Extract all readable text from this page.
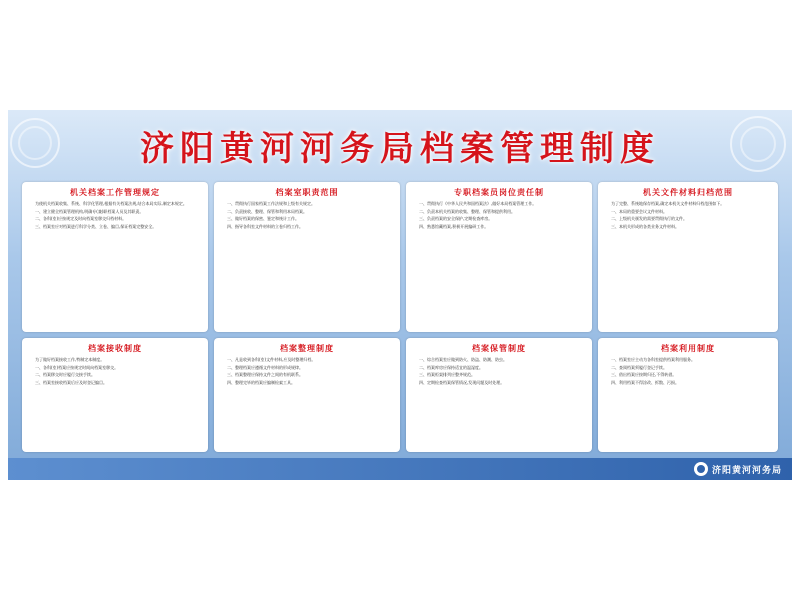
济阳黄河河务局档案管理制度
机关档案工作管理规定

为使机关档案收集、系统、科学化管理,根据有关档案法规,结合本局实际,制定本规定。

一、建立健全档案管理机构,明确专(兼)职档案人员及其职责。

二、各科(室)应按规定及时向档案室移交归档材料。

三、档案室应对档案进行科学分类、立卷、编目,保证档案完整安全。

档案室职责范围

一、贯彻执行国家档案工作法规和上级有关规定。

二、负责接收、整理、保管和利用本局档案。

三、做好档案的保密、鉴定和统计工作。

四、指导各科室文件材料的立卷归档工作。

专职档案员岗位责任制

一、贯彻执行《中华人民共和国档案法》,做好本局档案管理工作。

二、负责本机关档案的收集、整理、保管和提供利用。

三、负责档案的安全保护,定期检查库房。

四、熟悉馆藏档案,积极开展编研工作。

机关文件材料归档范围

为了完整、系统地保存档案,确定本机关文件材料归档范围如下。

一、本局的重要会议文件材料。

二、上级机关颁发的需要贯彻执行的文件。

三、本机关形成的各类业务文件材料。

档案接收制度

为了做好档案接收工作,特制定本制度。

一、各科(室)档案应按规定时间向档案室移交。

二、档案移交时应履行交接手续。

三、档案室接收档案后应及时登记编目。

档案整理制度

一、凡是收到各科(室)文件材料,应及时整理归档。

二、整理档案应遵循文件材料的形成规律。

三、档案整理应保持文件之间的有机联系。

四、整理完毕的档案应编制检索工具。

档案保管制度

一、综合档案室应做到防火、防盗、防潮、防虫。

二、档案库房应保持适宜的温湿度。

三、档案柜架排列应整齐规范。

四、定期检查档案保管情况,发现问题及时处理。

档案利用制度

一、档案室应主动为各科室提供档案利用服务。

二、查阅档案须履行登记手续。

三、借出档案应按期归还,不得转借。

四、利用档案不得涂改、拆散、污损。

济阳黄河河务局
